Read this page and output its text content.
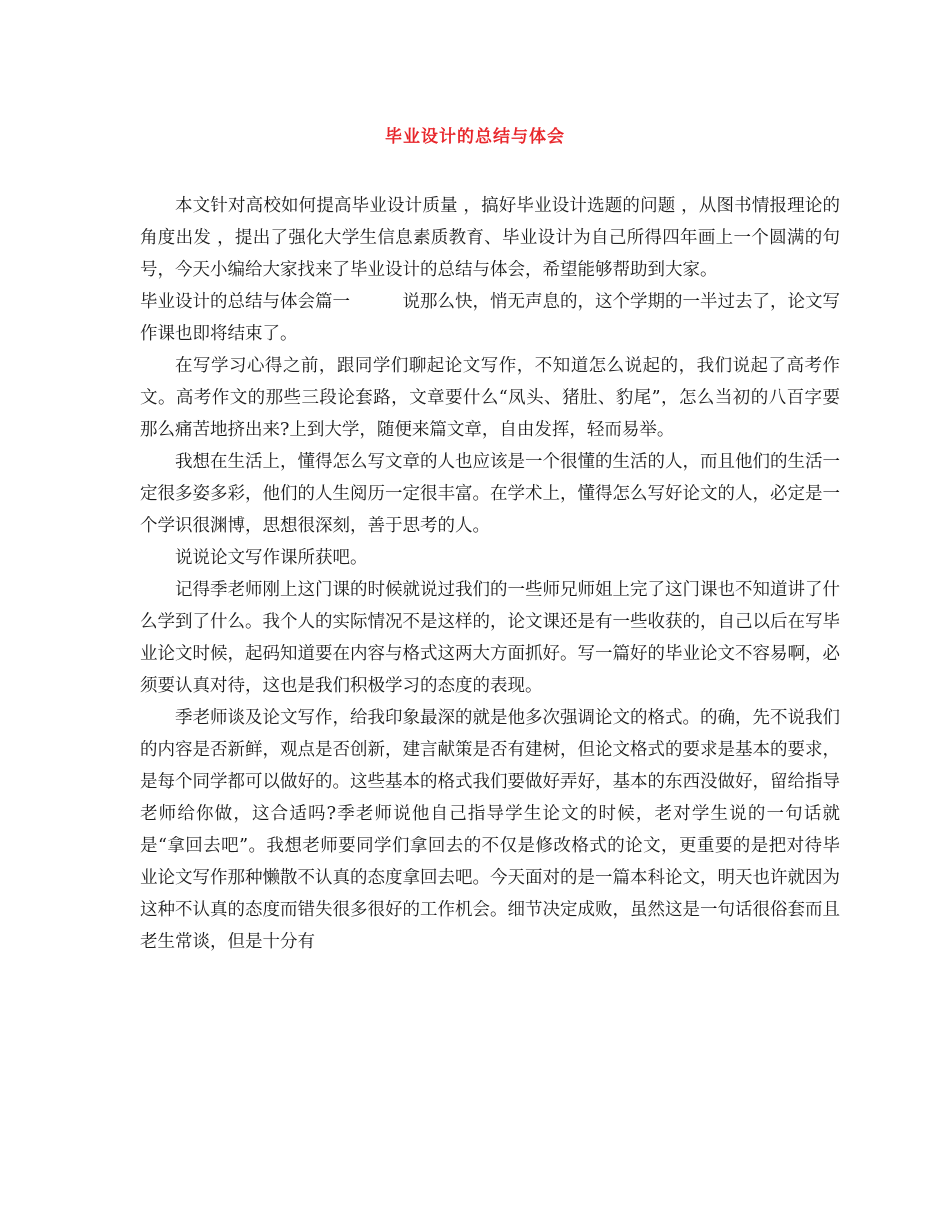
毕业设计的总结与体会

本文针对高校如何提高毕业设计质量 ，搞好毕业设计选题的问题 ，从图书情报理论的角度出发 ，提出了强化大学生信息素质教育、毕业设计为自己所得四年画上一个圆满的句号，今天小编给大家找来了毕业设计的总结与体会，希望能够帮助到大家。

毕业设计的总结与体会篇一	说那么快，悄无声息的，这个学期的一半过去了，论文写作课也即将结束了。

在写学习心得之前，跟同学们聊起论文写作，不知道怎么说起的，我们说起了高考作文。高考作文的那些三段论套路，文章要什么“凤头、猪肚、豹尾”，怎么当初的八百字要那么痛苦地挤出来?上到大学，随便来篇文章，自由发挥，轻而易举。

我想在生活上，懂得怎么写文章的人也应该是一个很懂的生活的人，而且他们的生活一定很多姿多彩，他们的人生阅历一定很丰富。在学术上，懂得怎么写好论文的人，必定是一个学识很渊博，思想很深刻，善于思考的人。

说说论文写作课所获吧。

记得季老师刚上这门课的时候就说过我们的一些师兄师姐上完了这门课也不知道讲了什么学到了什么。我个人的实际情况不是这样的，论文课还是有一些收获的，自己以后在写毕业论文时候，起码知道要在内容与格式这两大方面抓好。写一篇好的毕业论文不容易啊，必须要认真对待，这也是我们积极学习的态度的表现。

季老师谈及论文写作，给我印象最深的就是他多次强调论文的格式。的确，先不说我们的内容是否新鲜，观点是否创新，建言献策是否有建树，但论文格式的要求是基本的要求，是每个同学都可以做好的。这些基本的格式我们要做好弄好，基本的东西没做好，留给指导老师给你做，这合适吗?季老师说他自己指导学生论文的时候，老对学生说的一句话就是“拿回去吧”。我想老师要同学们拿回去的不仅是修改格式的论文，更重要的是把对待毕业论文写作那种懒散不认真的态度拿回去吧。今天面对的是一篇本科论文，明天也许就因为这种不认真的态度而错失很多很好的工作机会。细节决定成败，虽然这是一句话很俗套而且老生常谈，但是十分有
